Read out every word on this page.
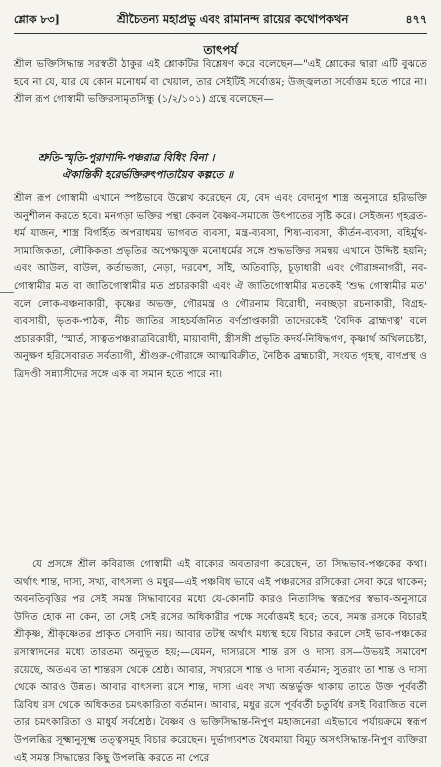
শ্লোক ৮৩]	শ্রীচৈতন্য মহাপ্রভু এবং রামানন্দ রায়ের কথোপকথন	৪৭৭
তাৎপর্য
শ্রীল ভক্তিসিদ্ধান্ত সরস্বতী ঠাকুর এই শ্লোকটির বিশ্লেষণ করে বলেছেন—"এই শ্লোকের দ্বারা এটি বুঝতে হবে না যে, যার যে কোন মনোধর্ম বা খেয়াল, তার সেইটিই সর্বোত্তম; উজ্জ্বলতা সর্বোত্তম হতে পারে না। শ্রীল রূপ গোস্বামী ভক্তিরসামৃতসিন্ধু (১/২/১০১) গ্রন্থে বলেছেন—
শ্রুতি-স্মৃতি-পুরাণাদি-পঞ্চরাত্র বিধিং বিনা ।
ঐকান্তিকী হরের্ভক্তিরুৎপাতায়ৈব কল্পতে ॥
শ্রীল রূপ গোস্বামী এখানে স্পষ্টভাবে উল্লেখ করেছেন যে, বেদ এবং বেদানুগ শাস্ত্র অনুসারে হরিভক্তি অনুশীলন করতে হবে। মনগড়া ভক্তির পন্থা কেবল বৈষ্ণব-সমাজে উৎপাতের সৃষ্টি করে। সেইজন্য গৃহব্রত-ধর্ম যাজন, শাস্ত্র বিগর্হিত অপরাধময় ভাগবত ব্যবসা, মন্ত্র-ব্যবসা, শিষ্য-ব্যবসা, কীর্তন-ব্যবসা, বহির্মুখ-সামাজিকতা, লৌকিকতা প্রভৃতির অপেক্ষাযুক্ত মনোধর্মের সঙ্গে শুদ্ধভক্তির সমন্বয় এখানে উদ্দিষ্ট হয়নি; এবং আউল, বাউল, কর্তাভজা, নেড়া, দরবেশ, সাঁই, অতিবাড়ি, চূড়াধারী এবং গৌরাঙ্গনাগরী, নব-গোস্বামীর মত বা জাতিগোস্বামীর মত প্রচারকারী এবং ঐ জাতিগোস্বামীর মতকেই 'শুদ্ধ গোস্বামীর মত' বলে লোক-বঞ্চনাকারী, কৃষ্ণের অভক্ত, গৌরমন্ত্র ও গৌরনাম বিরোধী, নবচ্ছড়া রচনাকারী, বিগ্রহ-ব্যবসায়ী, ভৃতক-পাঠক, নীচ জাতির সাহচর্যজনিত বর্ণপ্রাপ্তকারী তাদেরকেই 'বৈদিক ব্রাহ্মণত্ব' বলে প্রচারকারী, 'স্মার্ত, সাত্বতপঞ্চরাত্রবিরোধী, মায়াবাদী, স্ত্রীসঙ্গী প্রভৃতি কদর্য-নিষিদ্ধগণ, কৃষ্ণার্থ অখিলচেষ্টা, অনুক্ষণ হরিসেবারত সর্বত্যাগী, শ্রীগুরু-গৌরাঙ্গে আত্মবিক্রীত, নৈষ্ঠিক ব্রহ্মচারী, সংযত গৃহস্থ, বাণপ্রস্থ ও ত্রিদণ্ডী সন্ন্যাসীদের সঙ্গে এক বা সমান হতে পারে না।
যে প্রসঙ্গে শ্রীল কবিরাজ গোস্বামী এই বাক্যের অবতারণা করেছেন, তা সিদ্ধভাব-পঞ্চকের কথা। অর্থাৎ শান্ত, দাস্য, সখ্য, বাৎসল্য ও মধুর—এই পঞ্চবিধ ভাবে এই পঞ্চরসের রসিকেরা সেবা করে থাকেন; অবনতিবৃত্তির পর সেই সমস্ত সিদ্ধাবাবের মধ্যে যে-কোনটি কারও নিত্যসিদ্ধ স্বরূপের স্বভাব-অনুসারে উদিত হোক না কেন, তা সেই সেই রসের অধিকারীর পক্ষে সর্বোত্তমই হবে; তবে, সমস্ত রসকে বিচারই শ্রীকৃষ্ণ, শ্রীকৃষ্ণেতর প্রাকৃত সেবাদি নয়। আবার তটস্থ অর্থাৎ মধ্যস্থ হয়ে বিচার করলে সেই ভাব-পঞ্চকের রসাস্বাদনের মধ্যে তারতম্য অনুভূত হয়;—যেমন, দাস্যরসে শান্ত রস ও দাস্য রস—উভয়ই সমাবেশ রয়েছে, অতএব তা শান্তরস থেকে শ্রেষ্ঠ। আবার, সখ্যরসে শান্ত ও দাস্য বর্তমান; সুতরাং তা শান্ত ও দাস্য থেকে আরও উন্নত। আবার বাৎসল্য রসে শান্ত, দাস্য এবং সখ্য অন্তর্ভুক্ত থাকায় তাতে উক্ত পূর্ববর্তী ত্রিবিধ রস থেকে অধিকতর চমৎকারিতা বর্তমান। আবার, মধুর রসে পূর্ববর্তী চতুর্বিধ রসই বিরাজিত বলে তার চমৎকারিতা ও মাধুর্য সর্বশ্রেষ্ঠ। বৈষ্ণব ও ভক্তিসিদ্ধান্ত-নিপুণ মহাজনেরা এইভাবে পর্যায়ক্রমে স্বরূপ উপলব্ধির সূক্ষ্মানুসূক্ষ্ম তত্ত্বসমূহ বিচার করেছেন। দুর্ভাগ্যবশত ধৈবমায়া বিমূঢ় অসৎসিদ্ধান্ত-নিপুণ ব্যক্তিরা এই সমস্ত সিদ্ধান্তের কিছু উপলব্ধি করতে না পেরে
